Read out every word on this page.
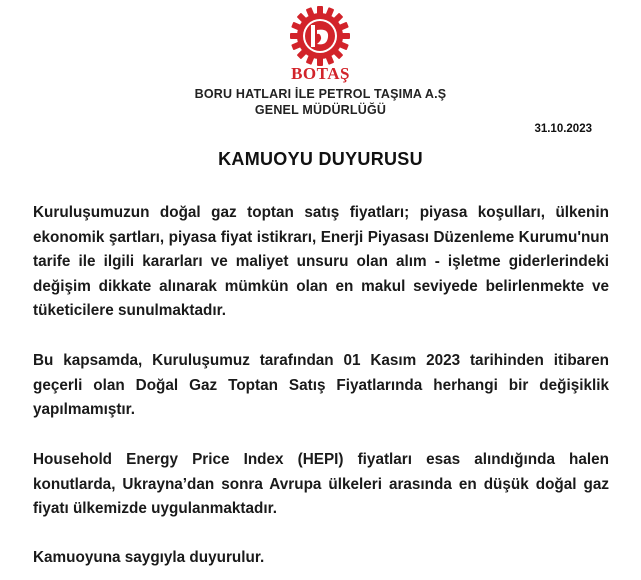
BOTAŞ
BORU HATLARI İLE PETROL TAŞIMA A.Ş
GENEL MÜDÜRLÜĞÜ
31.10.2023
KAMUOYU DUYURUSU
Kuruluşumuzun doğal gaz toptan satış fiyatları; piyasa koşulları, ülkenin ekonomik şartları, piyasa fiyat istikrarı, Enerji Piyasası Düzenleme Kurumu'nun tarife ile ilgili kararları ve maliyet unsuru olan alım - işletme giderlerindeki değişim dikkate alınarak mümkün olan en makul seviyede belirlenmekte ve tüketicilere sunulmaktadır.
Bu kapsamda, Kuruluşumuz tarafından 01 Kasım 2023 tarihinden itibaren geçerli olan Doğal Gaz Toptan Satış Fiyatlarında herhangi bir değişiklik yapılmamıştır.
Household Energy Price Index (HEPI) fiyatları esas alındığında halen konutlarda, Ukrayna’dan sonra Avrupa ülkeleri arasında en düşük doğal gaz fiyatı ülkemizde uygulanmaktadır.
Kamuoyuna saygıyla duyurulur.
